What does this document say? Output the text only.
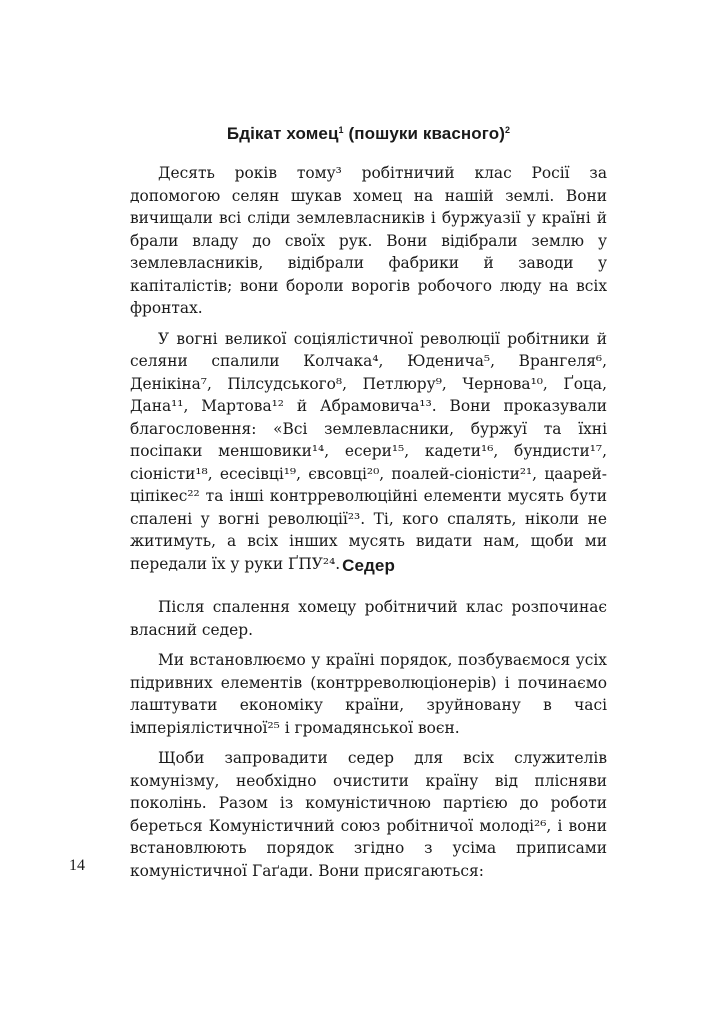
Бдікат хомец$^1$ (пошуки квасного)$^2$

Десять років тому³ робітничий клас Росії за допомогою селян шукав хомец на нашій землі. Вони вичищали всі сліди землевласників і буржуазії у країні й брали владу до своїх рук. Вони відібрали землю у землевласників, відібрали фабрики й заводи у капіталістів; вони бороли ворогів робочого люду на всіх фронтах.

У вогні великої соціялістичної революції робітники й селяни спалили Колчака⁴, Юденича⁵, Врангеля⁶, Денікіна⁷, Пілсудського⁸, Петлюру⁹, Чернова¹⁰, Ґоца, Дана¹¹, Мартова¹² й Абрамовича¹³. Вони проказували благословення: «Всі землевласники, буржуї та їхні посіпаки меншовики¹⁴, есери¹⁵, кадети¹⁶, бундисти¹⁷, сіоністи¹⁸, есесівці¹⁹, євсовці²⁰, поалей-сіоністи²¹, цаарей-ціпікес²² та інші контрреволюційні елементи мусять бути спалені у вогні революції²³. Ті, кого спалять, ніколи не житимуть, а всіх інших мусять видати нам, щоби ми передали їх у руки ҐПУ²⁴. Седер

Після спалення хомецу робітничий клас розпочинає власний седер.

Ми встановлюємо у країні порядок, позбуваємося усіх підривних елементів (контрреволюціонерів) і починаємо лаштувати економіку країни, зруйновану в часі імперіялістичної²⁵ і громадянської воєн.

Щоби запровадити седер для всіх служителів комунізму, необхідно очистити країну від плісняви поколінь. Разом із комуністичною партією до роботи береться Комуністичний союз робітничої молоді²⁶, і вони встановлюють порядок згідно з усіма приписами комуністичної Гаґади. Вони присягаються:

14
